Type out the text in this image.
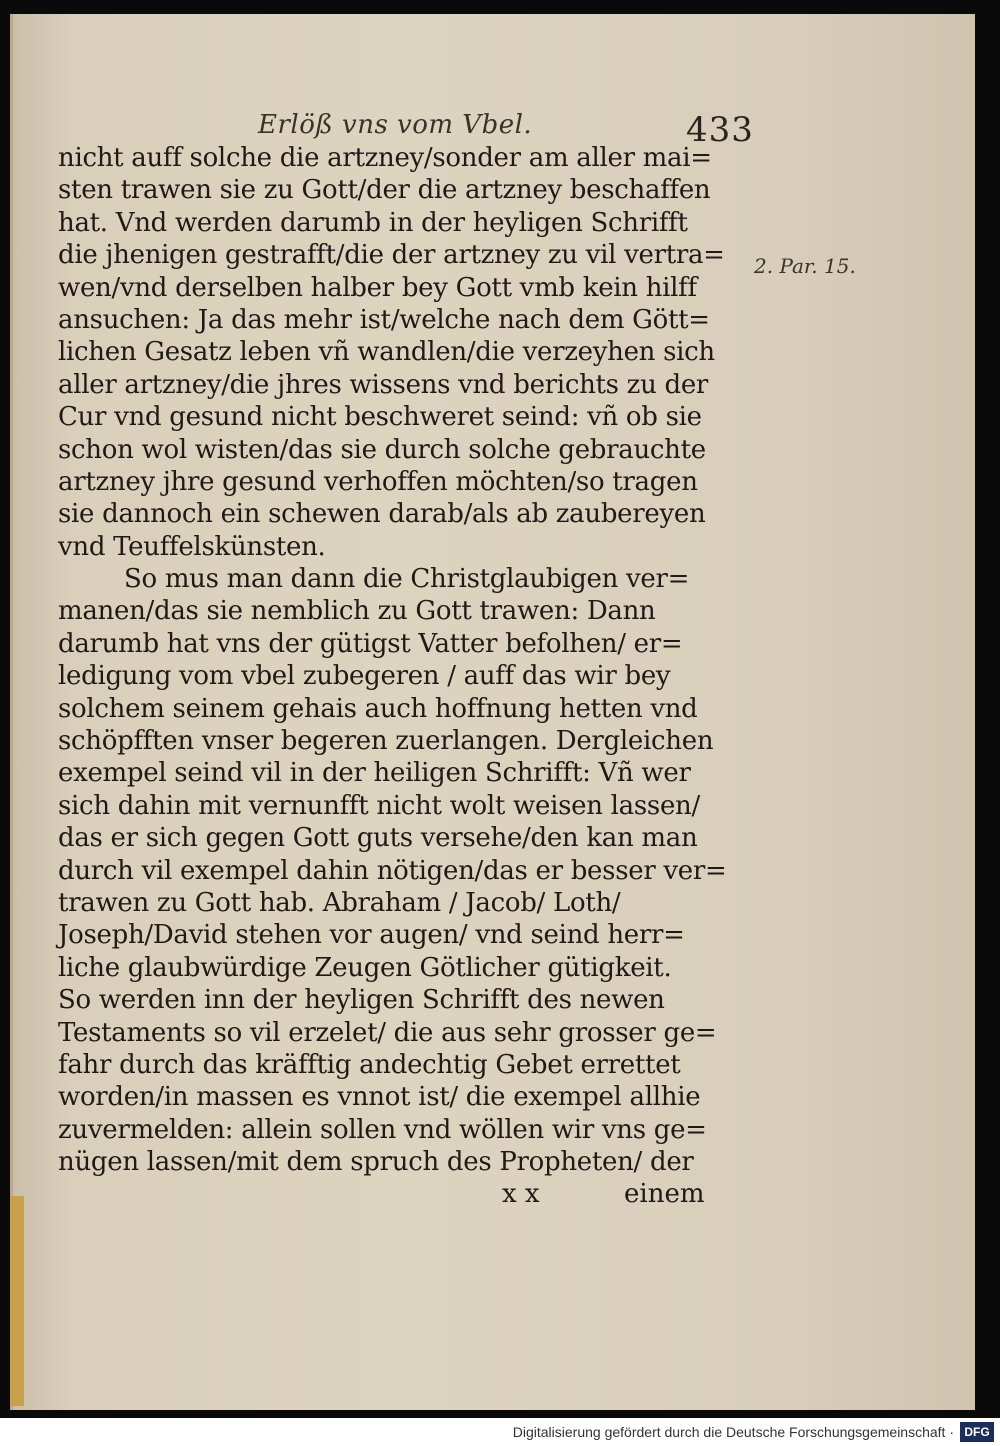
Erlöß vns vom Vbel.	433
2. Par. 15.
nicht auff solche die artzney/sonder am aller mai=
sten trawen sie zu Gott/der die artzney beschaffen
hat. Vnd werden darumb in der heyligen Schrifft
die jhenigen gestrafft/die der artzney zu vil vertra=
wen/vnd derselben halber bey Gott vmb kein hilff
ansuchen: Ja das mehr ist/welche nach dem Gött=
lichen Gesatz leben vñ wandlen/die verzeyhen sich
aller artzney/die jhres wissens vnd berichts zu der
Cur vnd gesund nicht beschweret seind: vñ ob sie
schon wol wisten/das sie durch solche gebrauchte
artzney jhre gesund verhoffen möchten/so tragen
sie dannoch ein schewen darab/als ab zaubereyen
vnd Teuffelskünsten.
So mus man dann die Christglaubigen ver=
manen/das sie nemblich zu Gott trawen: Dann
darumb hat vns der gütigst Vatter befolhen/ er=
ledigung vom vbel zubegeren / auff das wir bey
solchem seinem gehais auch hoffnung hetten vnd
schöpfften vnser begeren zuerlangen. Dergleichen
exempel seind vil in der heiligen Schrifft: Vñ wer
sich dahin mit vernunfft nicht wolt weisen lassen/
das er sich gegen Gott guts versehe/den kan man
durch vil exempel dahin nötigen/das er besser ver=
trawen zu Gott hab. Abraham / Jacob/ Loth/
Joseph/David stehen vor augen/ vnd seind herr=
liche glaubwürdige Zeugen Götlicher gütigkeit.
So werden inn der heyligen Schrifft des newen
Testaments so vil erzelet/ die aus sehr grosser ge=
fahr durch das kräfftig andechtig Gebet errettet
worden/in massen es vnnot ist/ die exempel allhie
zuvermelden: allein sollen vnd wöllen wir vns ge=
nügen lassen/mit dem spruch des Propheten/ der
x x	einem
Digitalisierung gefördert durch die Deutsche Forschungsgemeinschaft · DFG
